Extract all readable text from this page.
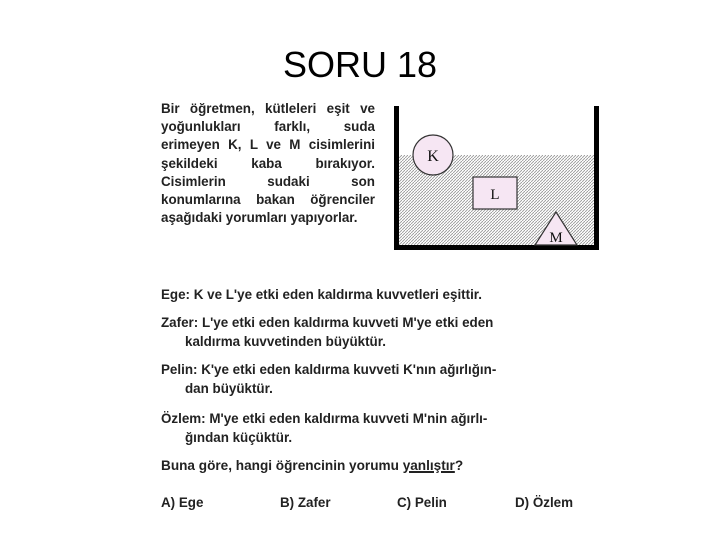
SORU 18
Bir öğretmen, kütleleri eşit ve yoğunlukları farklı, suda erimeyen K, L ve M cisimlerini şekildeki kaba bırakıyor. Cisimlerin sudaki son konumlarına bakan öğrenciler aşağıdaki yorumları yapıyorlar.
K
L
M
Ege: K ve L'ye etki eden kaldırma kuvvetleri eşittir.
Zafer: L'ye etki eden kaldırma kuvveti M'ye etki eden
kaldırma kuvvetinden büyüktür.
Pelin: K'ye etki eden kaldırma kuvveti K'nın ağırlığın-
dan büyüktür.
Özlem: M'ye etki eden kaldırma kuvveti M'nin ağırlı-
ğından küçüktür.
Buna göre, hangi öğrencinin yorumu yanlıştır?
A) Ege	B) Zafer	C) Pelin	D) Özlem
